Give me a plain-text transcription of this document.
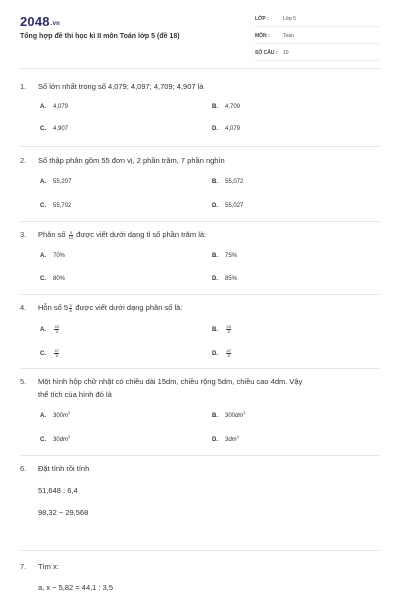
2048.vn
Tổng hợp đề thi học kì II môn Toán lớp 5 (đề 18)
LỚP :	Lớp 5
MÔN :	Toán
SỐ CÂU : 10
1. Số lớn nhất trong số 4,079; 4,097; 4,709; 4,907 là
A. 4,079	B. 4,709
C. 4,907	D. 4,079
2. Số thập phân gồm 55 đơn vị, 2 phần trăm, 7 phần nghìn
A. 55,207	B. 55,072
C. 55,702	D. 55,027
3. Phân số $\frac{3}{12}$ được viết dưới dạng tỉ số phần trăm là:
A. 70%	B. 75%
C. 80%	D. 85%
4. Hỗn số $5 \frac{3}{8}$ được viết dưới dạng phân số là:
A. $\frac{43}{3}$	B. $\frac{43}{8}$
C. $\frac{47}{5}$	D. $\frac{47}{8}$
5. Một hình hộp chữ nhật có chiều dài 15dm, chiều rộng 5dm, chiều cao 4dm. Vậy
thể tích của hình đó là
A. $300m^3$	B. $300dm^3$
C. $30dm^3$	D. $3dm^3$
6. Đặt tính rồi tính
51,648 : 6,4
98,32 − 29,568
7. Tìm x:
a, x − 5,82 = 44,1 : 3,5
